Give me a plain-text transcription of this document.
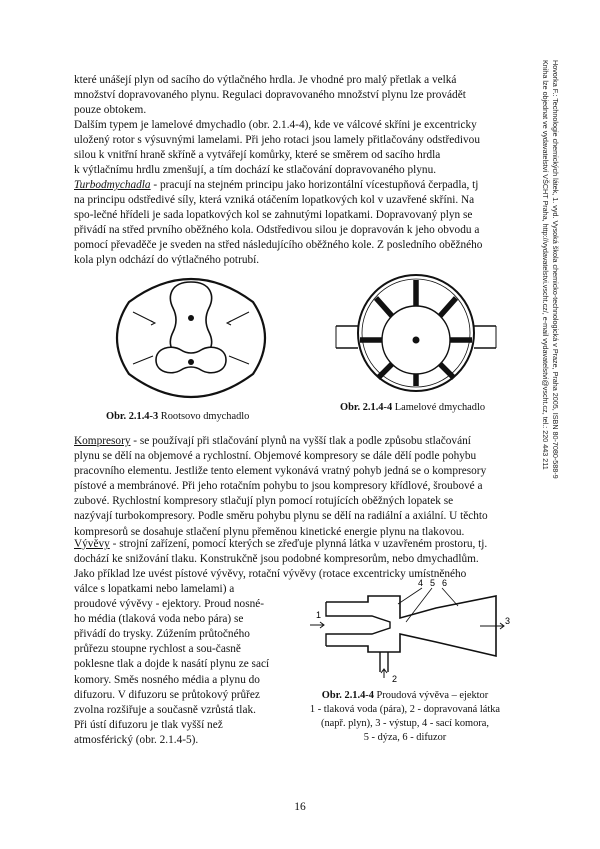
které unášejí plyn od sacího do výtlačného hrdla. Je vhodné pro malý přetlak a velká
množství dopravovaného plynu. Regulaci dopravovaného množství plynu lze provádět
pouze obtokem.

Dalším typem je lamelové dmychadlo (obr. 2.1.4-4), kde ve válcové skříni je excentricky
uložený rotor s výsuvnými lamelami. Při jeho rotaci jsou lamely přitlačovány odstředivou
silou k vnitřní hraně skříně a vytvářejí komůrky, které se směrem od sacího hrdla
k výtlačnímu hrdlu zmenšují, a tím dochází ke stlačování dopravovaného plynu.

Turbodmychadla - pracují na stejném principu jako horizontální vícestupňová čerpadla, tj
na principu odstředivé síly, která vzniká otáčením lopatkových kol v uzavřené skříni. Na
spo-lečné hřídeli je sada lopatkových kol se zahnutými lopatkami. Dopravovaný plyn se
přivádí na střed prvního oběžného kola. Odstředivou silou je dopravován k jeho obvodu a
pomocí převaděče je sveden na střed následujícího oběžného kole. Z posledního oběžného
kola plyn odchází do výtlačného potrubí.

Obr. 2.1.4-3 Rootsovo dmychadlo

Obr. 2.1.4-4 Lamelové dmychadlo

Kompresory - se používají při stlačování plynů na vyšší tlak a podle způsobu stlačování
plynu se dělí na objemové a rychlostní. Objemové kompresory se dále dělí podle pohybu
pracovního elementu. Jestliže tento element vykonává vratný pohyb jedná se o kompresory
pístové a membránové. Při jeho rotačním pohybu to jsou kompresory křídlové, šroubové a
zubové. Rychlostní kompresory stlačují plyn pomocí rotujících oběžných lopatek se
nazývají turbokompresory. Podle směru pohybu plynu se dělí na radiální a axiální. U těchto
kompresorů se dosahuje stlačení plynu přeměnou kinetické energie plynu na tlakovou.

Vývěvy - strojní zařízení, pomocí kterých se zřeďuje plynná látka v uzavřeném prostoru, tj.
dochází ke snižování tlaku. Konstrukčně jsou podobné kompresorům, nebo dmychadlům.
Jako příklad lze uvést pístové vývěvy, rotační vývěvy (rotace excentricky umístněného

válce s lopatkami nebo lamelami) a
proudové vývěvy - ejektory. Proud nosné-
ho média (tlaková voda nebo pára) se
přivádí do trysky. Zúžením průtočného
průřezu stoupne rychlost a sou-časně
poklesne tlak a dojde k nasátí plynu ze sací
komory. Směs nosného média a plynu do
difuzoru. V difuzoru se průtokový průřez
zvolna rozšiřuje a současně vzrůstá tlak.
Při ústí difuzoru je tlak vyšší než
atmosférický (obr. 2.1.4-5).

1
2
3
4 5 6
Obr. 2.1.4-4 Proudová vývěva – ejektor
1 - tlaková voda (pára), 2 - dopravovaná látka
(např. plyn), 3 - výstup, 4 - sací komora,
5 - dýza, 6 - difuzor
Hovorka F.: Technologie chemických látek, 1. vyd. Vysoká škola chemicko-technologická v Praze, Praha 2005, ISBN 80-7080-588-9
Kniha lze objednat ve vydavatelství VŠCHT Praha, http://vydavatelstvi.vscht.cz/, e-mail vydavatelstvi@vscht.cz, tel.: 220 443 211
16
